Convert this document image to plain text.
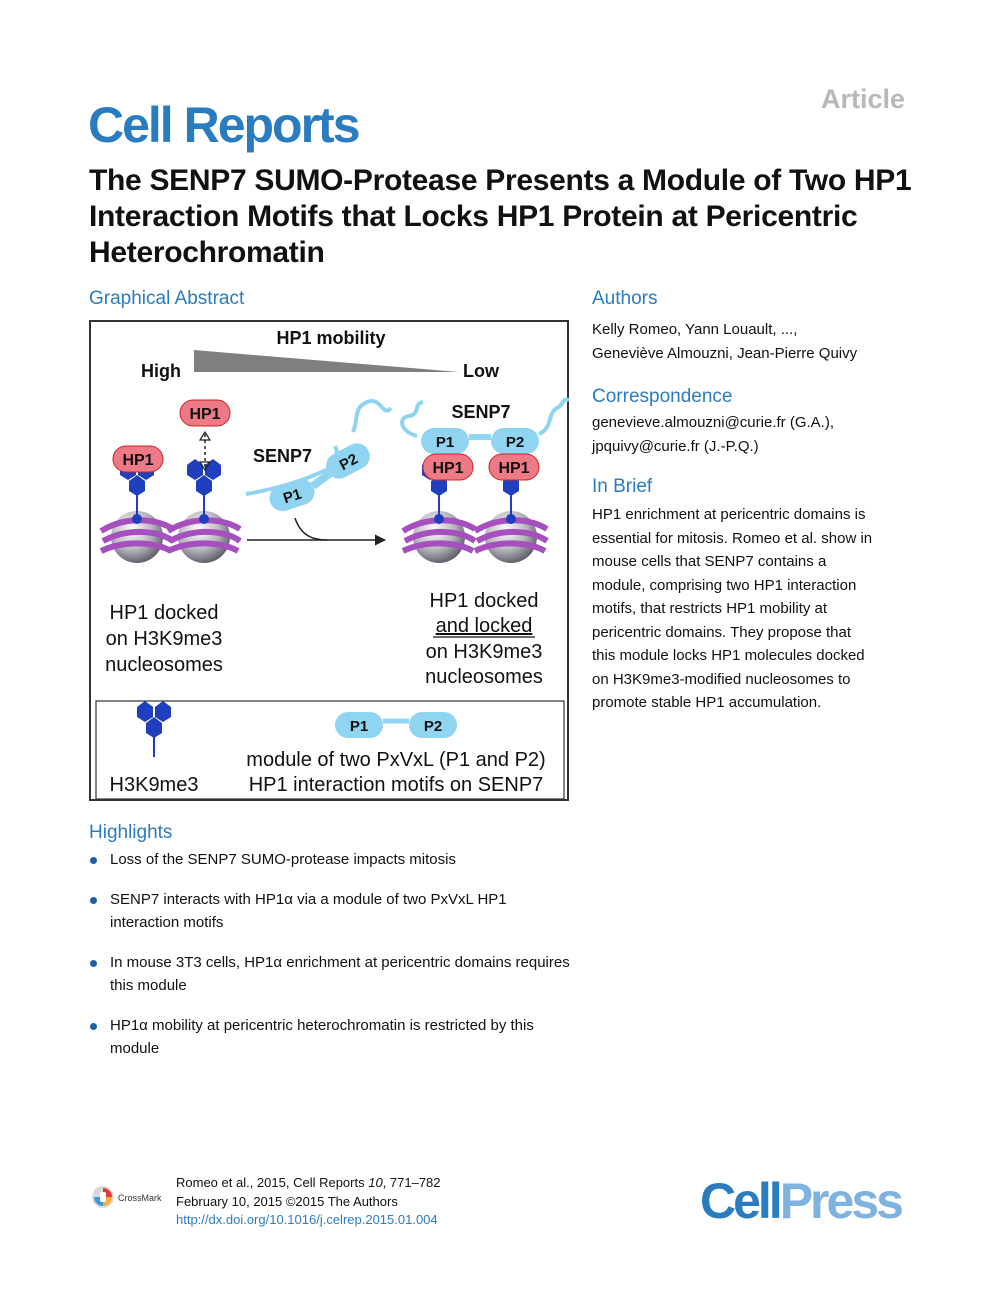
Cell Reports	Article
The SENP7 SUMO-Protease Presents a Module of Two HP1 Interaction Motifs that Locks HP1 Protein at Pericentric Heterochromatin
Graphical Abstract
HP1 mobility
High	Low
HP1
HP1
SENP7
P1
P2
SENP7
P1	P2
HP1 HP1
HP1 docked
on H3K9me3
nucleosomes
HP1 docked
and locked
on H3K9me3
nucleosomes
H3K9me3
P1	P2
module of two PxVxL (P1 and P2)
HP1 interaction motifs on SENP7
Highlights
Loss of the SENP7 SUMO-protease impacts mitosis
SENP7 interacts with HP1α via a module of two PxVxL HP1 interaction motifs
In mouse 3T3 cells, HP1α enrichment at pericentric domains requires this module
HP1α mobility at pericentric heterochromatin is restricted by this module
Authors
Kelly Romeo, Yann Louault, ...,
Geneviève Almouzni, Jean-Pierre Quivy
Correspondence
genevieve.almouzni@curie.fr (G.A.),
jpquivy@curie.fr (J.-P.Q.)
In Brief
HP1 enrichment at pericentric domains is
essential for mitosis. Romeo et al. show in
mouse cells that SENP7 contains a
module, comprising two HP1 interaction
motifs, that restricts HP1 mobility at
pericentric domains. They propose that
this module locks HP1 molecules docked
on H3K9me3-modified nucleosomes to
promote stable HP1 accumulation.
CrossMark
Romeo et al., 2015, Cell Reports 10, 771–782
February 10, 2015 ©2015 The Authors
http://dx.doi.org/10.1016/j.celrep.2015.01.004	CellPress
